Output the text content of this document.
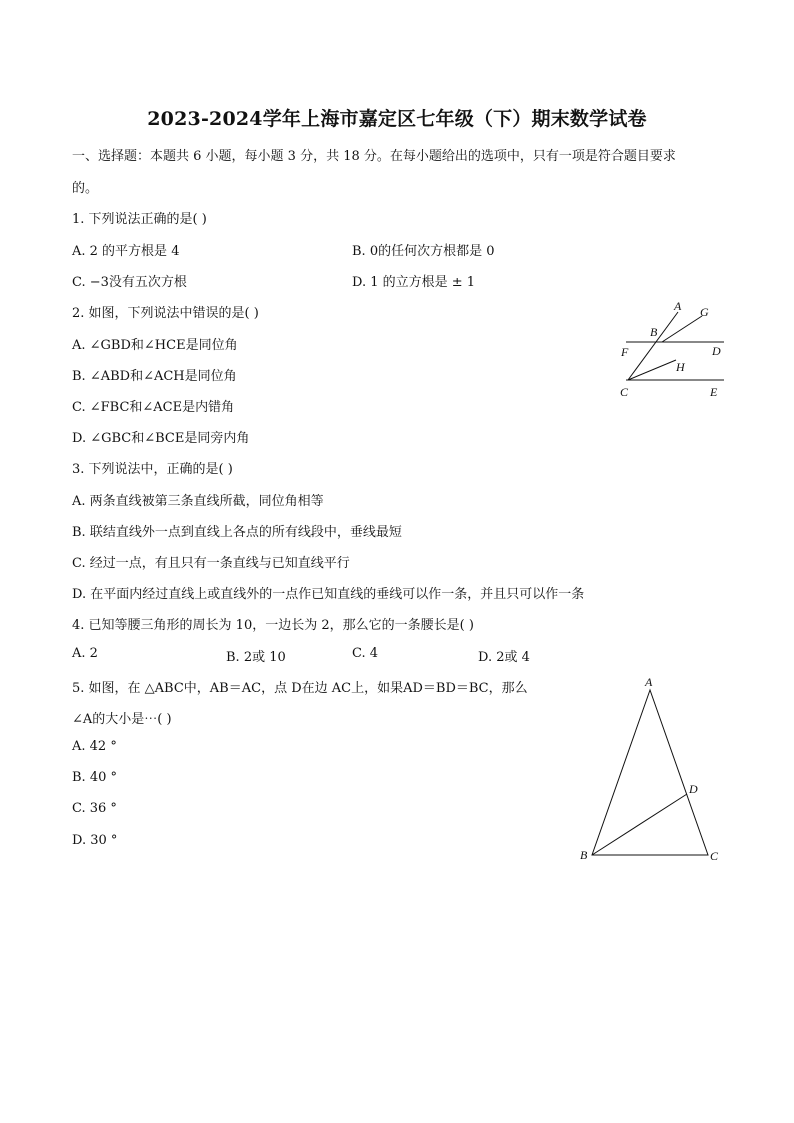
2023-2024学年上海市嘉定区七年级（下）期末数学试卷
一、选择题：本题共 6 小题，每小题 3 分，共 18 分。在每小题给出的选项中，只有一项是符合题目要求
的。
1. 下列说法正确的是( )
A. 2 的平方根是 4	B. 0的任何次方根都是 0
C. −3没有五次方根	D. 1 的立方根是 ± 1
2. 如图，下列说法中错误的是( )
A. ∠GBD和∠HCE是同位角
B. ∠ABD和∠ACH是同位角
C. ∠FBC和∠ACE是内错角
D. ∠GBC和∠BCE是同旁内角
A G
B
F	D
H
C	E
3. 下列说法中，正确的是( )
A. 两条直线被第三条直线所截，同位角相等
B. 联结直线外一点到直线上各点的所有线段中，垂线最短
C. 经过一点，有且只有一条直线与已知直线平行
D. 在平面内经过直线上或直线外的一点作已知直线的垂线可以作一条，并且只可以作一条
4. 已知等腰三角形的周长为 10，一边长为 2，那么它的一条腰长是( )
A. 2	B. 2或 10	C. 4	D. 2或 4
5. 如图，在 △ABC中，AB＝AC，点 D在边 AC上，如果AD＝BD＝BC，那么
∠A的大小是⋯( )
A. 42 °
B. 40 °
C. 36 °
D. 30 °
A
D
B	C
